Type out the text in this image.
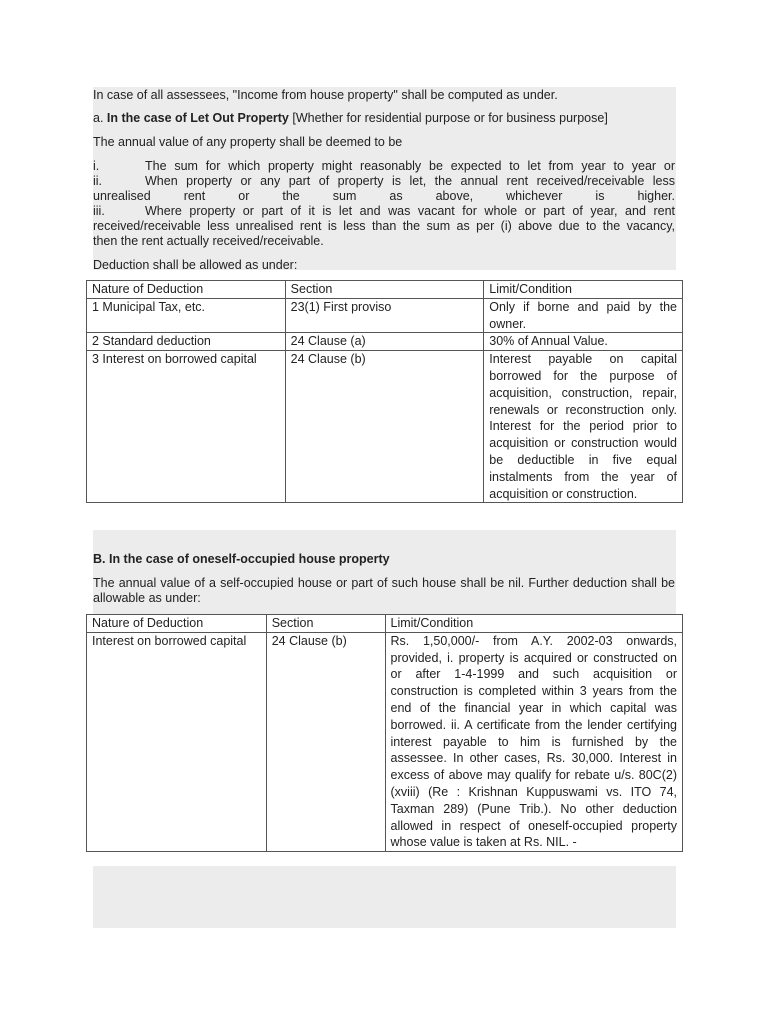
In case of all assessees, "Income from house property" shall be computed as under.
a. In the case of Let Out Property [Whether for residential purpose or for business purpose]
The annual value of any property shall be deemed to be
i.	The sum for which property might reasonably be expected to let from year to year or
ii.	When property or any part of property is let, the annual rent received/receivable less
unrealised rent or the sum as above, whichever is higher.
iii.	Where property or part of it is let and was vacant for whole or part of year, and rent
received/receivable less unrealised rent is less than the sum as per (i) above due to the vacancy,
then the rent actually received/receivable.
Deduction shall be allowed as under:
Nature of Deduction	Section	Limit/Condition
1 Municipal Tax, etc.	23(1) First proviso	Only if borne and paid by the owner.
2 Standard deduction	24 Clause (a)	30% of Annual Value.
3 Interest on borrowed capital	24 Clause (b)	Interest payable on capital borrowed for the purpose of acquisition, construction, repair, renewals or reconstruction only. Interest for the period prior to acquisition or construction would be deductible in five equal instalments from the year of acquisition or construction.
B. In the case of oneself-occupied house property
The annual value of a self-occupied house or part of such house shall be nil. Further deduction shall be allowable as under:
Nature of Deduction	Section	Limit/Condition
Interest on borrowed capital	24 Clause (b)	Rs. 1,50,000/- from A.Y. 2002-03 onwards, provided, i. property is acquired or constructed on or after 1-4-1999 and such acquisition or construction is completed within 3 years from the end of the financial year in which capital was borrowed. ii. A certificate from the lender certifying interest payable to him is furnished by the assessee. In other cases, Rs. 30,000. Interest in excess of above may qualify for rebate u/s. 80C(2)(xviii) (Re : Krishnan Kuppuswami vs. ITO 74, Taxman 289) (Pune Trib.). No other deduction allowed in respect of oneself-occupied property whose value is taken at Rs. NIL. -
